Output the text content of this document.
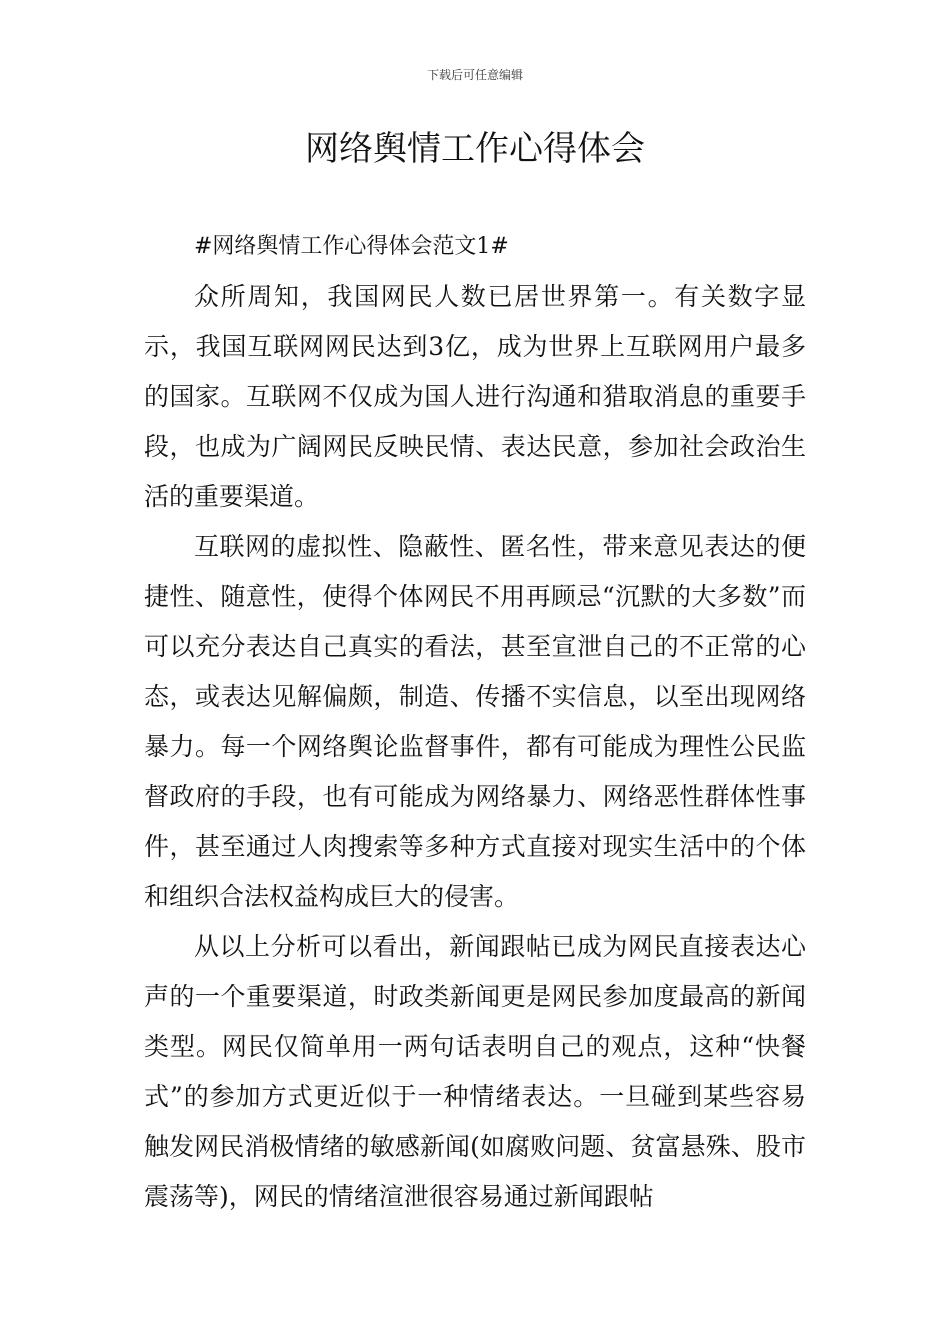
下载后可任意编辑
网络舆情工作心得体会

#网络舆情工作心得体会范文1#

众所周知，我国网民人数已居世界第一。有关数字显示，我国互联网网民达到3亿，成为世界上互联网用户最多的国家。互联网不仅成为国人进行沟通和猎取消息的重要手段，也成为广阔网民反映民情、表达民意，参加社会政治生活的重要渠道。

互联网的虚拟性、隐蔽性、匿名性，带来意见表达的便捷性、随意性，使得个体网民不用再顾忌“沉默的大多数”而可以充分表达自己真实的看法，甚至宣泄自己的不正常的心态，或表达见解偏颇，制造、传播不实信息，以至出现网络暴力。每一个网络舆论监督事件，都有可能成为理性公民监督政府的手段，也有可能成为网络暴力、网络恶性群体性事件，甚至通过人肉搜索等多种方式直接对现实生活中的个体和组织合法权益构成巨大的侵害。

从以上分析可以看出，新闻跟帖已成为网民直接表达心声的一个重要渠道，时政类新闻更是网民参加度最高的新闻类型。网民仅简单用一两句话表明自己的观点，这种“快餐式”的参加方式更近似于一种情绪表达。一旦碰到某些容易触发网民消极情绪的敏感新闻(如腐败问题、贫富悬殊、股市震荡等)，网民的情绪渲泄很容易通过新闻跟帖
